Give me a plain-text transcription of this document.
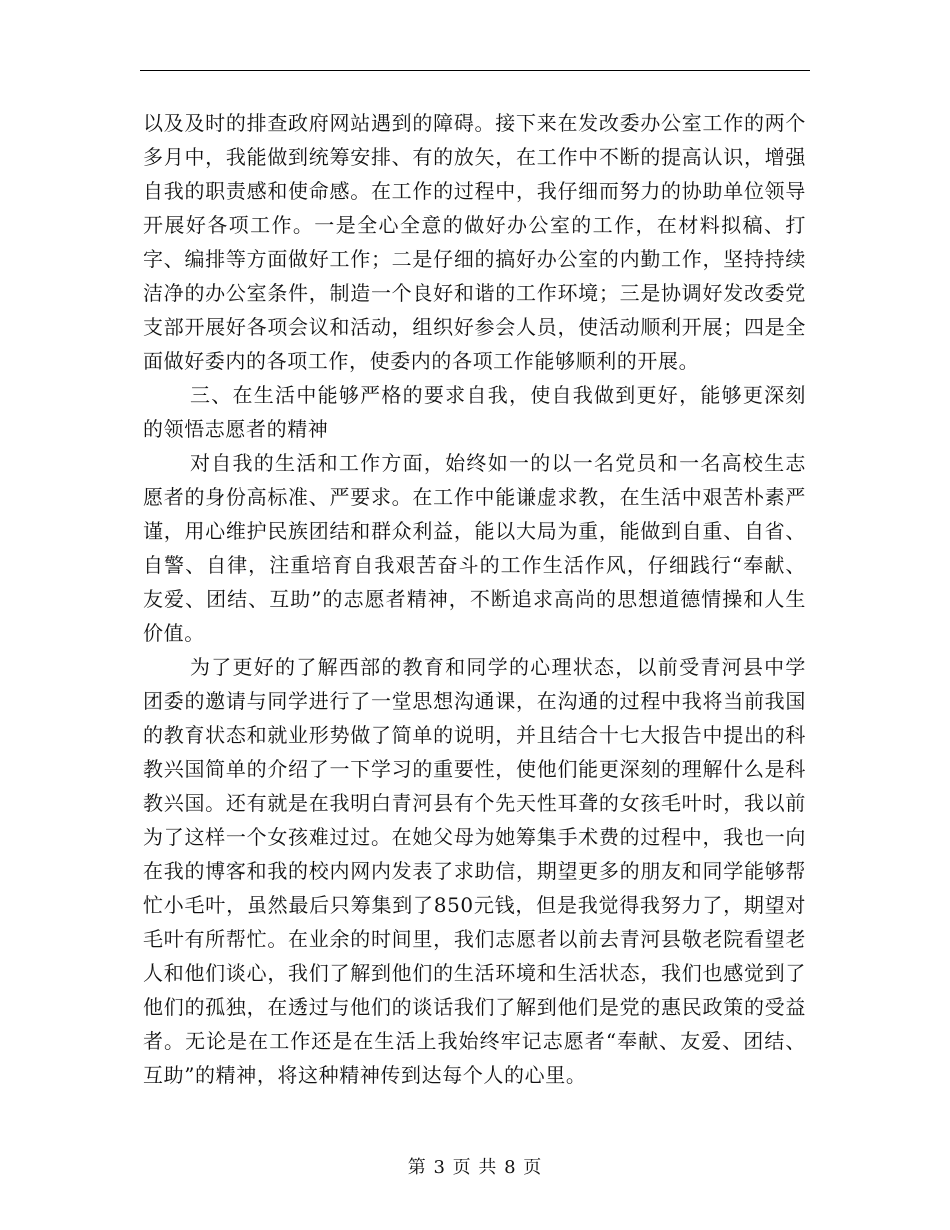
以及及时的排查政府网站遇到的障碍。接下来在发改委办公室工作的两个多月中，我能做到统筹安排、有的放矢，在工作中不断的提高认识，增强自我的职责感和使命感。在工作的过程中，我仔细而努力的协助单位领导开展好各项工作。一是全心全意的做好办公室的工作，在材料拟稿、打字、编排等方面做好工作；二是仔细的搞好办公室的内勤工作，坚持持续洁净的办公室条件，制造一个良好和谐的工作环境；三是协调好发改委党支部开展好各项会议和活动，组织好参会人员，使活动顺利开展；四是全面做好委内的各项工作，使委内的各项工作能够顺利的开展。

三、在生活中能够严格的要求自我，使自我做到更好，能够更深刻的领悟志愿者的精神

对自我的生活和工作方面，始终如一的以一名党员和一名高校生志愿者的身份高标准、严要求。在工作中能谦虚求教，在生活中艰苦朴素严谨，用心维护民族团结和群众利益，能以大局为重，能做到自重、自省、自警、自律，注重培育自我艰苦奋斗的工作生活作风，仔细践行“奉献、友爱、团结、互助”的志愿者精神，不断追求高尚的思想道德情操和人生价值。

为了更好的了解西部的教育和同学的心理状态，以前受青河县中学团委的邀请与同学进行了一堂思想沟通课，在沟通的过程中我将当前我国的教育状态和就业形势做了简单的说明，并且结合十七大报告中提出的科教兴国简单的介绍了一下学习的重要性，使他们能更深刻的理解什么是科教兴国。还有就是在我明白青河县有个先天性耳聋的女孩毛叶时，我以前为了这样一个女孩难过过。在她父母为她筹集手术费的过程中，我也一向在我的博客和我的校内网内发表了求助信，期望更多的朋友和同学能够帮忙小毛叶，虽然最后只筹集到了850元钱，但是我觉得我努力了，期望对毛叶有所帮忙。在业余的时间里，我们志愿者以前去青河县敬老院看望老人和他们谈心，我们了解到他们的生活环境和生活状态，我们也感觉到了他们的孤独，在透过与他们的谈话我们了解到他们是党的惠民政策的受益者。无论是在工作还是在生活上我始终牢记志愿者“奉献、友爱、团结、互助”的精神，将这种精神传到达每个人的心里。

第 3 页 共 8 页
